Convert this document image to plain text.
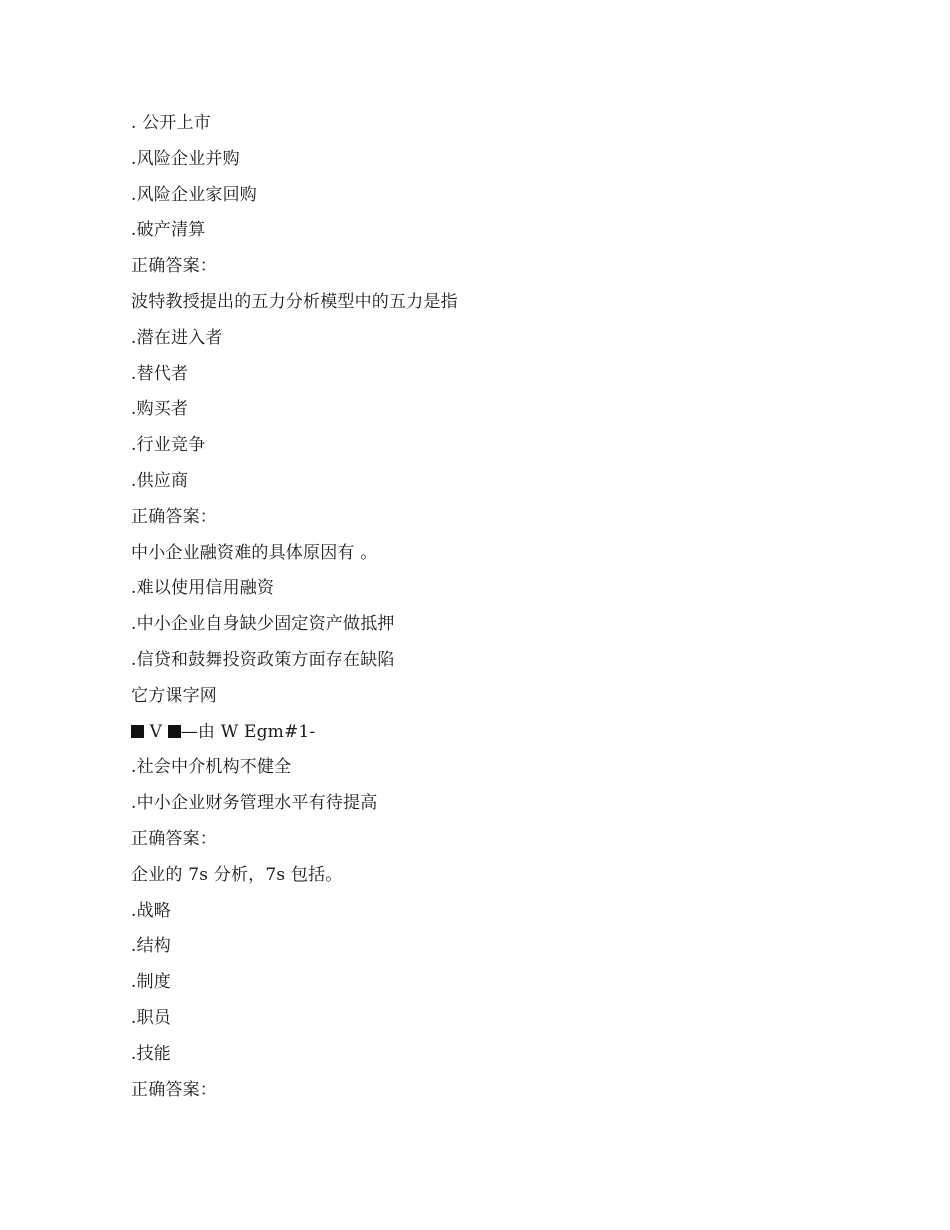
. 公开上市
.风险企业并购
.风险企业家回购
.破产清算
正确答案：
波特教授提出的五力分析模型中的五力是指
.潜在进入者
.替代者
.购买者
.行业竞争
.供应商
正确答案：
中小企业融资难的具体原因有 。
.难以使用信用融资
.中小企业自身缺少固定资产做抵押
.信贷和鼓舞投资政策方面存在缺陷
它方课字网
V —由 W Egm#1-
.社会中介机构不健全
.中小企业财务管理水平有待提高
正确答案：
企业的 7s 分析，7s 包括。
.战略
.结构
.制度
.职员
.技能
正确答案：
